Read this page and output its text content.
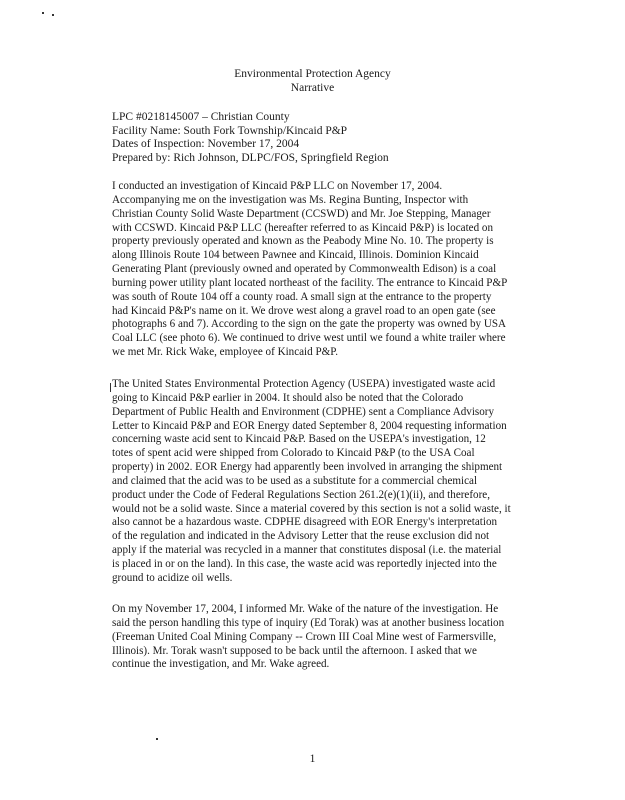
Environmental Protection Agency
Narrative
LPC #0218145007 – Christian County
Facility Name: South Fork Township/Kincaid P&P
Dates of Inspection: November 17, 2004
Prepared by: Rich Johnson, DLPC/FOS, Springfield Region
I conducted an investigation of Kincaid P&P LLC on November 17, 2004.
Accompanying me on the investigation was Ms. Regina Bunting, Inspector with
Christian County Solid Waste Department (CCSWD) and Mr. Joe Stepping, Manager
with CCSWD. Kincaid P&P LLC (hereafter referred to as Kincaid P&P) is located on
property previously operated and known as the Peabody Mine No. 10. The property is
along Illinois Route 104 between Pawnee and Kincaid, Illinois. Dominion Kincaid
Generating Plant (previously owned and operated by Commonwealth Edison) is a coal
burning power utility plant located northeast of the facility. The entrance to Kincaid P&P
was south of Route 104 off a county road. A small sign at the entrance to the property
had Kincaid P&P's name on it. We drove west along a gravel road to an open gate (see
photographs 6 and 7). According to the sign on the gate the property was owned by USA
Coal LLC (see photo 6). We continued to drive west until we found a white trailer where
we met Mr. Rick Wake, employee of Kincaid P&P.
The United States Environmental Protection Agency (USEPA) investigated waste acid
going to Kincaid P&P earlier in 2004. It should also be noted that the Colorado
Department of Public Health and Environment (CDPHE) sent a Compliance Advisory
Letter to Kincaid P&P and EOR Energy dated September 8, 2004 requesting information
concerning waste acid sent to Kincaid P&P. Based on the USEPA's investigation, 12
totes of spent acid were shipped from Colorado to Kincaid P&P (to the USA Coal
property) in 2002. EOR Energy had apparently been involved in arranging the shipment
and claimed that the acid was to be used as a substitute for a commercial chemical
product under the Code of Federal Regulations Section 261.2(e)(1)(ii), and therefore,
would not be a solid waste. Since a material covered by this section is not a solid waste, it
also cannot be a hazardous waste. CDPHE disagreed with EOR Energy's interpretation
of the regulation and indicated in the Advisory Letter that the reuse exclusion did not
apply if the material was recycled in a manner that constitutes disposal (i.e. the material
is placed in or on the land). In this case, the waste acid was reportedly injected into the
ground to acidize oil wells.
On my November 17, 2004, I informed Mr. Wake of the nature of the investigation. He
said the person handling this type of inquiry (Ed Torak) was at another business location
(Freeman United Coal Mining Company -- Crown III Coal Mine west of Farmersville,
Illinois). Mr. Torak wasn't supposed to be back until the afternoon. I asked that we
continue the investigation, and Mr. Wake agreed.
1
